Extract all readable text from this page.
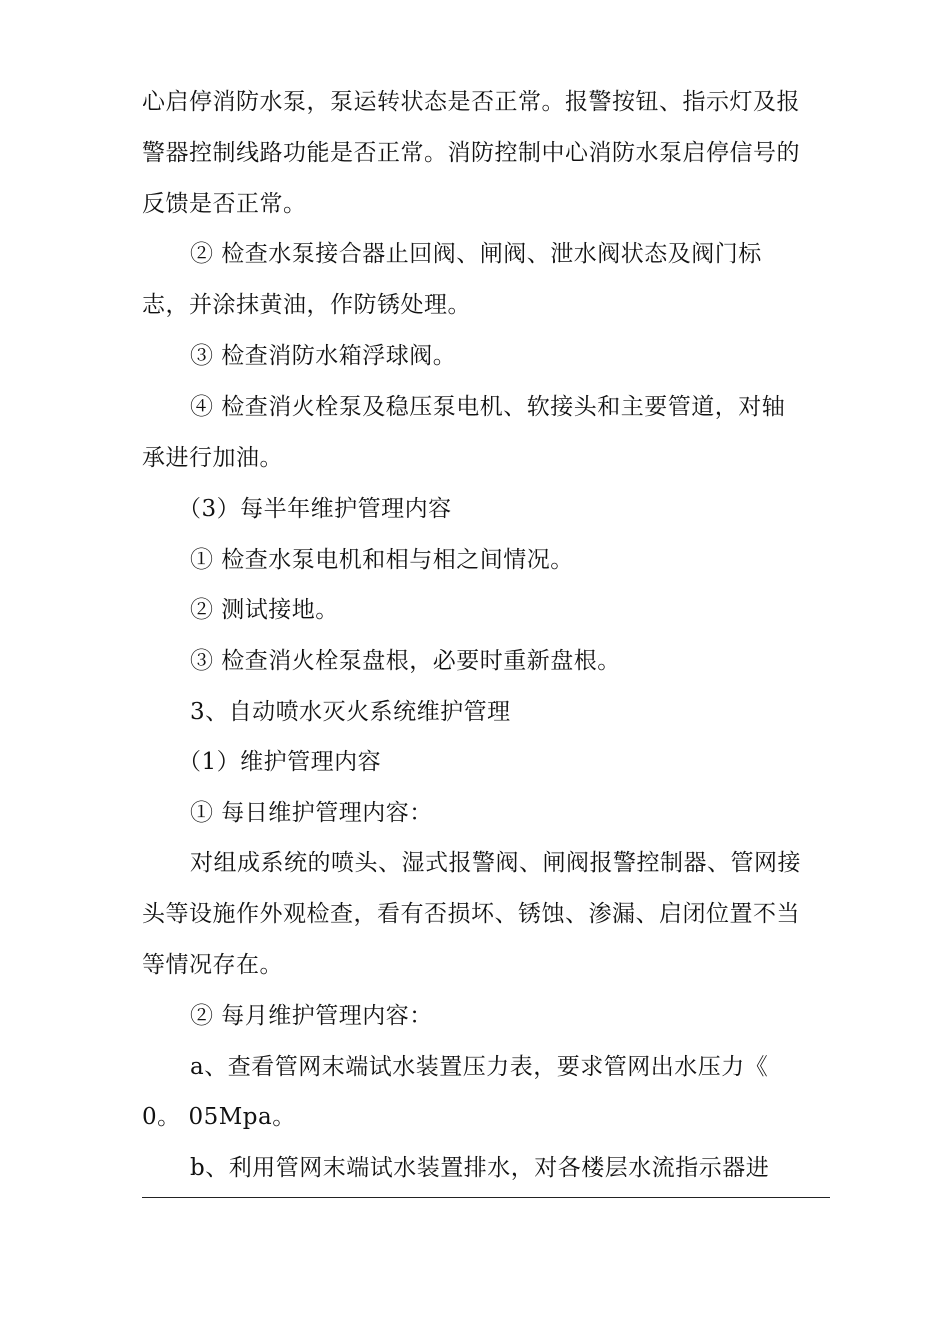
心启停消防水泵，泵运转状态是否正常。报警按钮、指示灯及报
警器控制线路功能是否正常。消防控制中心消防水泵启停信号的
反馈是否正常。
② 检查水泵接合器止回阀、闸阀、泄水阀状态及阀门标
志，并涂抹黄油，作防锈处理。
③ 检查消防水箱浮球阀。
④ 检查消火栓泵及稳压泵电机、软接头和主要管道，对轴
承进行加油。
（3）每半年维护管理内容
① 检查水泵电机和相与相之间情况。
② 测试接地。
③ 检查消火栓泵盘根，必要时重新盘根。
3、自动喷水灭火系统维护管理
（1）维护管理内容
① 每日维护管理内容：
对组成系统的喷头、湿式报警阀、闸阀报警控制器、管网接
头等设施作外观检查，看有否损坏、锈蚀、渗漏、启闭位置不当
等情况存在。
② 每月维护管理内容：
a、查看管网末端试水装置压力表，要求管网出水压力《
0。 05Mpa。
b、利用管网末端试水装置排水，对各楼层水流指示器进
